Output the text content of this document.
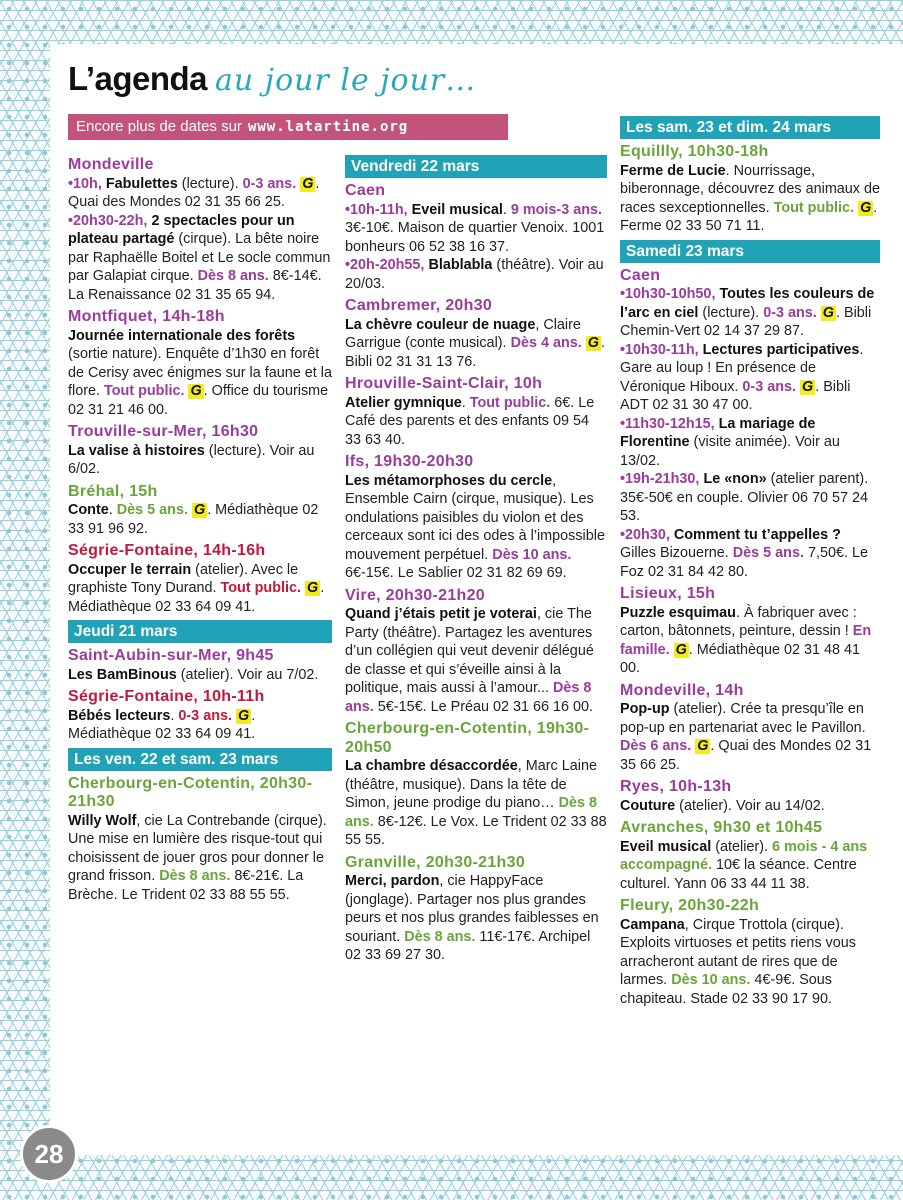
L’agenda au jour le jour…
Encore plus de dates sur www.latartine.org
Mondeville
•10h, Fabulettes (lecture). 0-3 ans. G . Quai des Mondes 02 31 35 66 25.
•20h30-22h, 2 spectacles pour un plateau partagé (cirque). La bête noire par Raphaëlle Boitel et Le socle commun par Galapiat cirque. Dès 8 ans. 8€-14€. La Renaissance 02 31 35 65 94.
Montfiquet, 14h-18h
Journée internationale des forêts (sortie nature). Enquête d’1h30 en forêt de Cerisy avec énigmes sur la faune et la flore. Tout public. G . Office du tourisme 02 31 21 46 00.
Trouville-sur-Mer, 16h30
La valise à histoires (lecture). Voir au 6/02.
Bréhal, 15h
Conte. Dès 5 ans. G . Médiathèque 02 33 91 96 92.
Ségrie-Fontaine, 14h-16h
Occuper le terrain (atelier). Avec le graphiste Tony Durand. Tout public. G . Médiathèque 02 33 64 09 41.
Jeudi 21 mars
Saint-Aubin-sur-Mer, 9h45
Les BamBinous (atelier). Voir au 7/02.
Ségrie-Fontaine, 10h-11h
Bébés lecteurs. 0-3 ans. G . Médiathèque 02 33 64 09 41.
Les ven. 22 et sam. 23 mars
Cherbourg-en-Cotentin, 20h30-21h30
Willy Wolf, cie La Contrebande (cirque). Une mise en lumière des risque-tout qui choisissent de jouer gros pour donner le grand frisson. Dès 8 ans. 8€-21€. La Brèche. Le Trident 02 33 88 55 55.
Vendredi 22 mars
Caen
•10h-11h, Eveil musical. 9 mois-3 ans. 3€-10€. Maison de quartier Venoix. 1001 bonheurs 06 52 38 16 37.
•20h-20h55, Blablabla (théâtre). Voir au 20/03.
Cambremer, 20h30
La chèvre couleur de nuage, Claire Garrigue (conte musical). Dès 4 ans. G . Bibli 02 31 31 13 76.
Hrouville-Saint-Clair, 10h
Atelier gymnique. Tout public. 6€. Le Café des parents et des enfants 09 54 33 63 40.
Ifs, 19h30-20h30
Les métamorphoses du cercle, Ensemble Cairn (cirque, musique). Les ondulations paisibles du violon et des cerceaux sont ici des odes à l’impossible mouvement perpétuel. Dès 10 ans. 6€-15€. Le Sablier 02 31 82 69 69.
Vire, 20h30-21h20
Quand j’étais petit je voterai, cie The Party (théâtre). Partagez les aventures d’un collégien qui veut devenir délégué de classe et qui s’éveille ainsi à la politique, mais aussi à l’amour... Dès 8 ans. 5€-15€. Le Préau 02 31 66 16 00.
Cherbourg-en-Cotentin, 19h30-20h50
La chambre désaccordée, Marc Laine (théâtre, musique). Dans la tête de Simon, jeune prodige du piano… Dès 8 ans. 8€-12€. Le Vox. Le Trident 02 33 88 55 55.
Granville, 20h30-21h30
Merci, pardon, cie HappyFace (jonglage). Partager nos plus grandes peurs et nos plus grandes faiblesses en souriant. Dès 8 ans. 11€-17€. Archipel 02 33 69 27 30.
Les sam. 23 et dim. 24 mars
Equillly, 10h30-18h
Ferme de Lucie. Nourrissage, biberonnage, découvrez des animaux de races sexceptionnelles. Tout public. G . Ferme 02 33 50 71 11.
Samedi 23 mars
Caen
•10h30-10h50, Toutes les couleurs de l’arc en ciel (lecture). 0-3 ans. G . Bibli Chemin-Vert 02 14 37 29 87.
•10h30-11h, Lectures participatives. Gare au loup ! En présence de Véronique Hiboux. 0-3 ans. G . Bibli ADT 02 31 30 47 00.
•11h30-12h15, La mariage de Florentine (visite animée). Voir au 13/02.
•19h-21h30, Le «non» (atelier parent). 35€-50€ en couple. Olivier 06 70 57 24 53.
•20h30, Comment tu t’appelles ? Gilles Bizouerne. Dès 5 ans. 7,50€. Le Foz 02 31 84 42 80.
Lisieux, 15h
Puzzle esquimau. À fabriquer avec : carton, bâtonnets, peinture, dessin ! En famille. G . Médiathèque 02 31 48 41 00.
Mondeville, 14h
Pop-up (atelier). Crée ta presqu’île en pop-up en partenariat avec le Pavillon. Dès 6 ans. G . Quai des Mondes 02 31 35 66 25.
Ryes, 10h-13h
Couture (atelier). Voir au 14/02.
Avranches, 9h30 et 10h45
Eveil musical (atelier). 6 mois - 4 ans accompagné. 10€ la séance. Centre culturel. Yann 06 33 44 11 38.
Fleury, 20h30-22h
Campana, Cirque Trottola (cirque). Exploits virtuoses et petits riens vous arracheront autant de rires que de larmes. Dès 10 ans. 4€-9€. Sous chapiteau. Stade 02 33 90 17 90.
28
